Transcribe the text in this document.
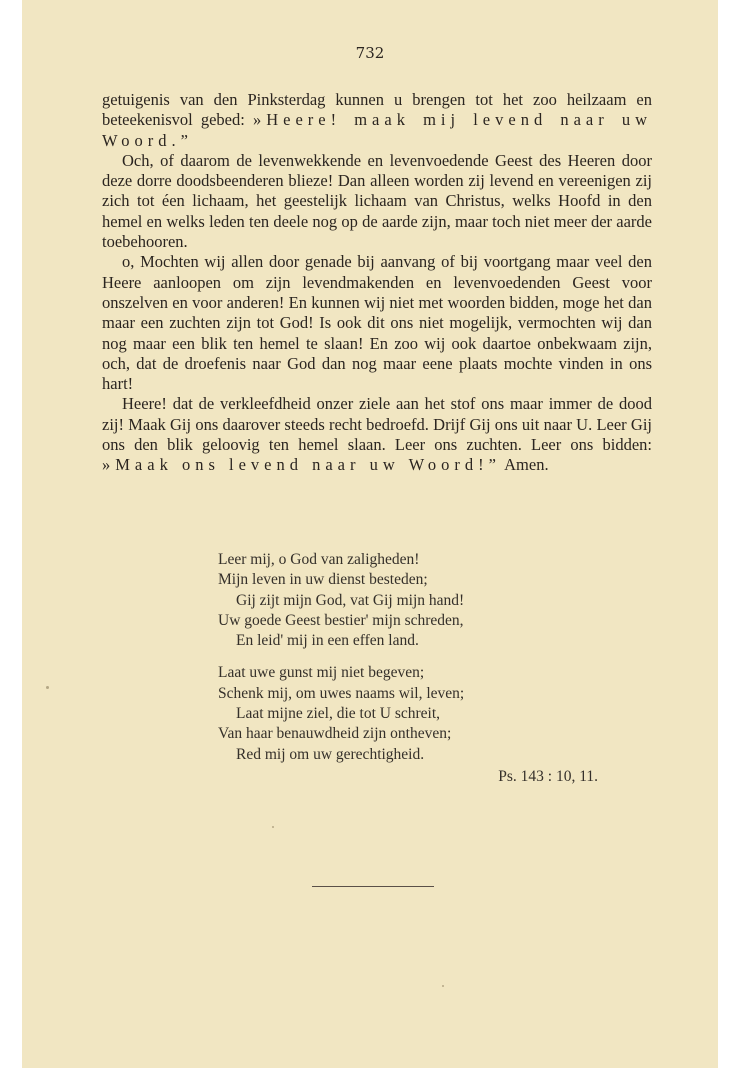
732

getuigenis van den Pinksterdag kunnen u brengen tot het zoo heilzaam en beteekenisvol gebed: »Heere! maak mij levend naar uw Woord.”

Och, of daarom de levenwekkende en levenvoedende Geest des Heeren door deze dorre doodsbeenderen blieze! Dan alleen worden zij levend en vereenigen zij zich tot éen lichaam, het geestelijk lichaam van Christus, welks Hoofd in den hemel en welks leden ten deele nog op de aarde zijn, maar toch niet meer der aarde toebehooren.

o, Mochten wij allen door genade bij aanvang of bij voortgang maar veel den Heere aanloopen om zijn levendmakenden en levenvoedenden Geest voor onszelven en voor anderen! En kunnen wij niet met woorden bidden, moge het dan maar een zuchten zijn tot God! Is ook dit ons niet mogelijk, vermochten wij dan nog maar een blik ten hemel te slaan! En zoo wij ook daartoe onbekwaam zijn, och, dat de droefenis naar God dan nog maar eene plaats mochte vinden in ons hart!

Heere! dat de verkleefdheid onzer ziele aan het stof ons maar immer de dood zij! Maak Gij ons daarover steeds recht bedroefd. Drijf Gij ons uit naar U. Leer Gij ons den blik geloovig ten hemel slaan. Leer ons zuchten. Leer ons bidden: »Maak ons levend naar uw Woord!” Amen.

Leer mij, o God van zaligheden!
Mijn leven in uw dienst besteden;
Gij zijt mijn God, vat Gij mijn hand!
Uw goede Geest bestier' mijn schreden,
En leid' mij in een effen land.
Laat uwe gunst mij niet begeven;
Schenk mij, om uwes naams wil, leven;
Laat mijne ziel, die tot U schreit,
Van haar benauwdheid zijn ontheven;
Red mij om uw gerechtigheid.
Ps. 143 : 10, 11.
